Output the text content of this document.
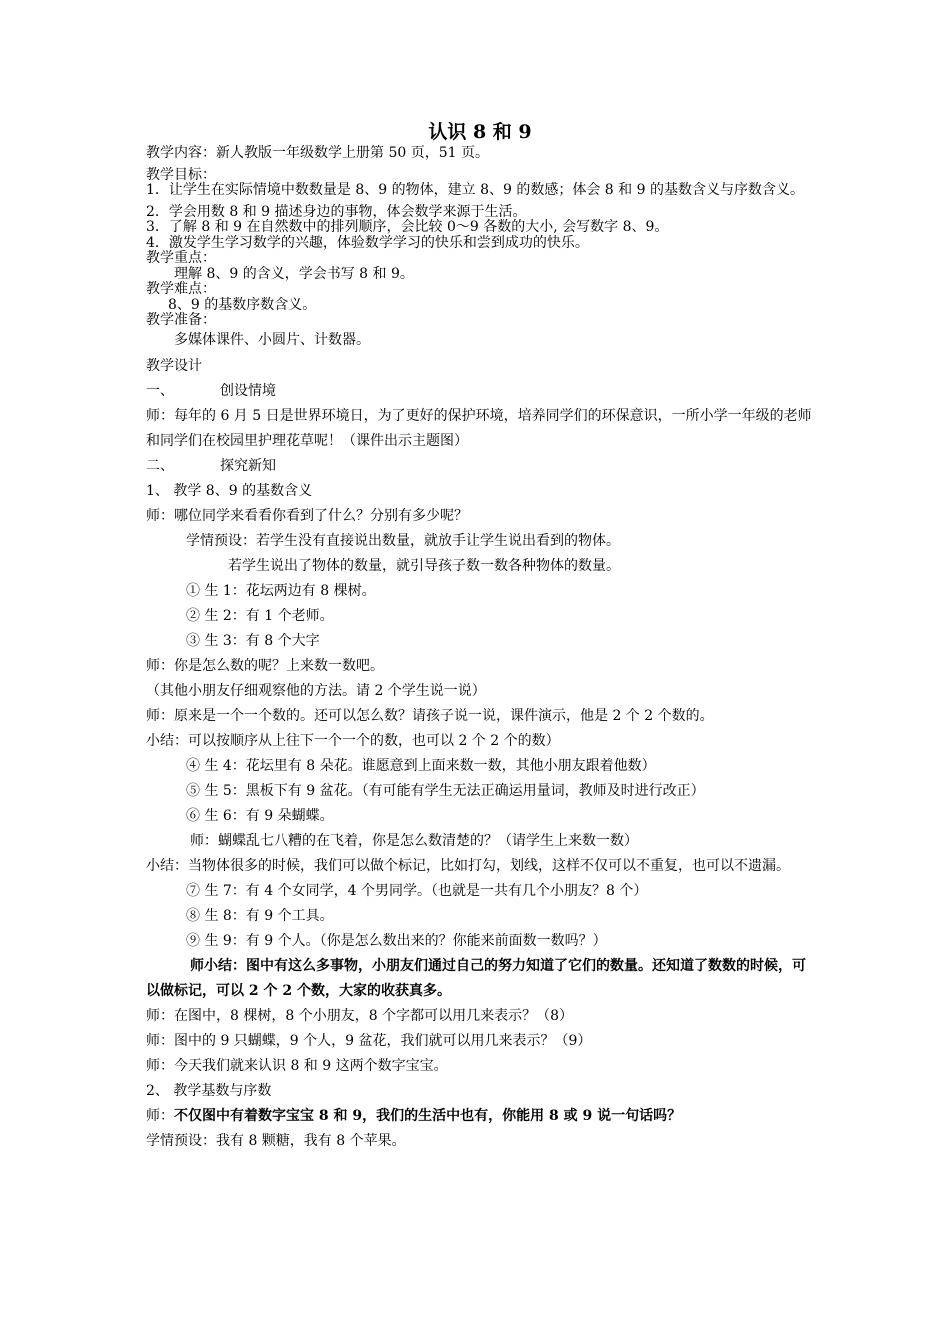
认识 8 和 9

教学内容：新人教版一年级数学上册第 50 页，51 页。

教学目标：

1．让学生在实际情境中数数量是 8、9 的物体，建立 8、9 的数感；体会 8 和 9 的基数含义与序数含义。

2．学会用数 8 和 9 描述身边的事物，体会数学来源于生活。

3．了解 8 和 9 在自然数中的排列顺序，会比较 0～9 各数的大小, 会写数字 8、9。

4．激发学生学习数学的兴趣，体验数学学习的快乐和尝到成功的快乐。

教学重点：

理解 8、9 的含义，学会书写 8 和 9。

教学难点：

8、9 的基数序数含义。

教学准备：

多媒体课件、小圆片、计数器。

教学设计

一、	创设情境

师：每年的 6 月 5 日是世界环境日，为了更好的保护环境，培养同学们的环保意识，一所小学一年级的老师和同学们在校园里护理花草呢！（课件出示主题图）

二、	探究新知

1、 教学 8、9 的基数含义

师：哪位同学来看看你看到了什么？分别有多少呢？

学情预设：若学生没有直接说出数量，就放手让学生说出看到的物体。

若学生说出了物体的数量，就引导孩子数一数各种物体的数量。

① 生 1：花坛两边有 8 棵树。

② 生 2：有 1 个老师。

③ 生 3：有 8 个大字

师：你是怎么数的呢？上来数一数吧。

（其他小朋友仔细观察他的方法。请 2 个学生说一说）

师：原来是一个一个数的。还可以怎么数？请孩子说一说，课件演示，他是 2 个 2 个数的。

小结：可以按顺序从上往下一个一个的数，也可以 2 个 2 个的数）

④ 生 4：花坛里有 8 朵花。谁愿意到上面来数一数，其他小朋友跟着他数）

⑤ 生 5：黑板下有 9 盆花。（有可能有学生无法正确运用量词，教师及时进行改正）

⑥ 生 6：有 9 朵蝴蝶。

师：蝴蝶乱七八糟的在飞着，你是怎么数清楚的？（请学生上来数一数）

小结：当物体很多的时候，我们可以做个标记，比如打勾，划线，这样不仅可以不重复，也可以不遗漏。

⑦ 生 7：有 4 个女同学，4 个男同学。（也就是一共有几个小朋友？8 个）

⑧ 生 8：有 9 个工具。

⑨ 生 9：有 9 个人。（你是怎么数出来的？你能来前面数一数吗？）

师小结：图中有这么多事物，小朋友们通过自己的努力知道了它们的数量。还知道了数数的时候，可以做标记，可以 2 个 2 个数，大家的收获真多。

师：在图中，8 棵树，8 个小朋友，8 个字都可以用几来表示？（8）

师：图中的 9 只蝴蝶，9 个人，9 盆花，我们就可以用几来表示？（9）

师：今天我们就来认识 8 和 9 这两个数字宝宝。

2、 教学基数与序数

师：不仅图中有着数字宝宝 8 和 9，我们的生活中也有，你能用 8 或 9 说一句话吗？

学情预设：我有 8 颗糖，我有 8 个苹果。
